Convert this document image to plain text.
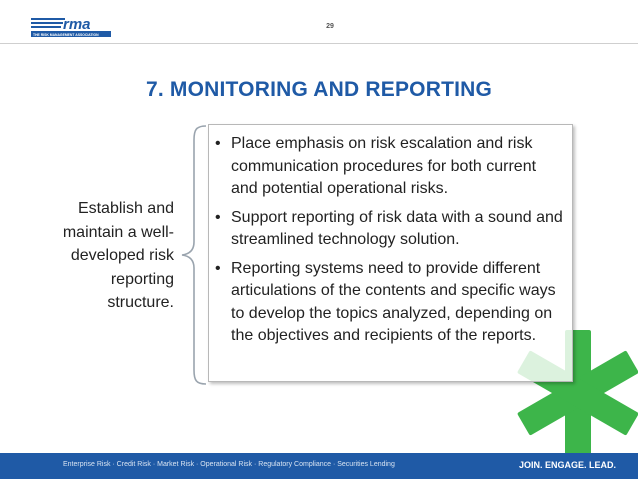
rma
THE RISK MANAGEMENT ASSOCIATION
29
7. MONITORING AND REPORTING
Establish and maintain a well-developed risk reporting structure.
• Place emphasis on risk escalation and risk communication procedures for both current and potential operational risks.
• Support reporting of risk data with a sound and streamlined technology solution.
• Reporting systems need to provide different articulations of the contents and specific ways to develop the topics analyzed, depending on the objectives and recipients of the reports.
Enterprise Risk · Credit Risk · Market Risk · Operational Risk · Regulatory Compliance · Securities Lending	JOIN. ENGAGE. LEAD.
